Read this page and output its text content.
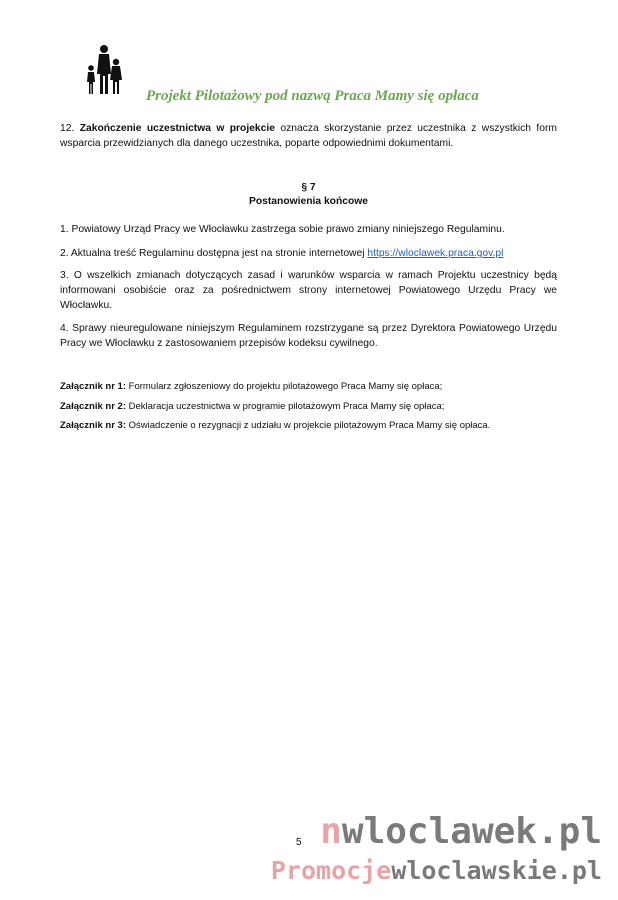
Projekt Pilotażowy pod nazwą Praca Mamy się opłaca
12. Zakończenie uczestnictwa w projekcie oznacza skorzystanie przez uczestnika z wszystkich form wsparcia przewidzianych dla danego uczestnika, poparte odpowiednimi dokumentami.
§ 7
Postanowienia końcowe
1. Powiatowy Urząd Pracy we Włocławku zastrzega sobie prawo zmiany niniejszego Regulaminu.
2. Aktualna treść Regulaminu dostępna jest na stronie internetowej https://wloclawek.praca.gov.pl
3. O wszelkich zmianach dotyczących zasad i warunków wsparcia w ramach Projektu uczestnicy będą informowani osobiście oraz za pośrednictwem strony internetowej Powiatowego Urzędu Pracy we Włocławku.
4. Sprawy nieuregulowane niniejszym Regulaminem rozstrzygane są przez Dyrektora Powiatowego Urzędu Pracy we Włocławku z zastosowaniem przepisów kodeksu cywilnego.
Załącznik nr 1: Formularz zgłoszeniowy do projektu pilotażowego Praca Mamy się opłaca;
Załącznik nr 2: Deklaracja uczestnictwa w programie pilotażowym Praca Mamy się opłaca;
Załącznik nr 3: Oświadczenie o rezygnacji z udziału w projekcie pilotażowym Praca Mamy się opłaca.
nwloclawek.pl
Promocjewloclawskie.pl
5
